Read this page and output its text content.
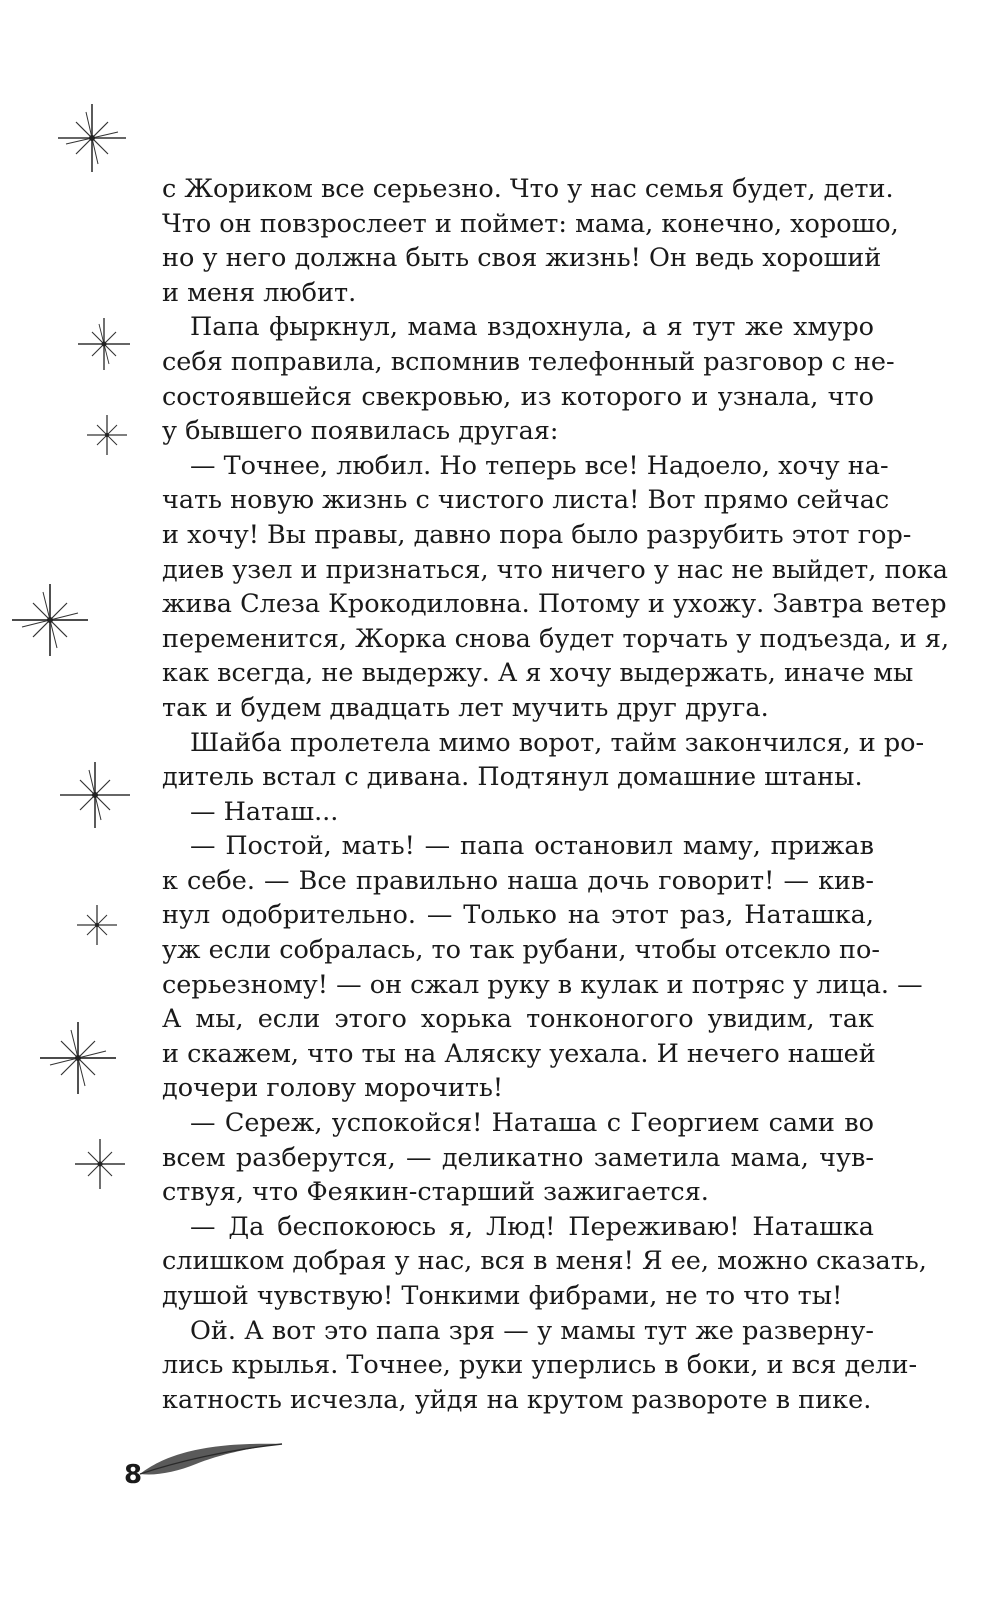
с Жориком все серьезно. Что у нас семья будет, дети.
Что он повзрослеет и поймет: мама, конечно, хорошо,
но у него должна быть своя жизнь! Он ведь хороший
и меня любит.
Папа фыркнул, мама вздохнула, а я тут же хмуро
себя поправила, вспомнив телефонный разговор с не-
состоявшейся свекровью, из которого и узнала, что
у бывшего появилась другая:
— Точнее, любил. Но теперь все! Надоело, хочу на-
чать новую жизнь с чистого листа! Вот прямо сейчас
и хочу! Вы правы, давно пора было разрубить этот гор-
диев узел и признаться, что ничего у нас не выйдет, пока
жива Слеза Крокодиловна. Потому и ухожу. Завтра ветер
переменится, Жорка снова будет торчать у подъезда, и я,
как всегда, не выдержу. А я хочу выдержать, иначе мы
так и будем двадцать лет мучить друг друга.
Шайба пролетела мимо ворот, тайм закончился, и ро-
дитель встал с дивана. Подтянул домашние штаны.
— Наташ...
— Постой, мать! — папа остановил маму, прижав
к себе. — Все правильно наша дочь говорит! — кив-
нул одобрительно. — Только на этот раз, Наташка,
уж если собралась, то так рубани, чтобы отсекло по-
серьезному! — он сжал руку в кулак и потряс у лица. —
А мы, если этого хорька тонконогого увидим, так
и скажем, что ты на Аляску уехала. И нечего нашей
дочери голову морочить!
— Сереж, успокойся! Наташа с Георгием сами во
всем разберутся, — деликатно заметила мама, чув-
ствуя, что Феякин-старший зажигается.
— Да беспокоюсь я, Люд! Переживаю! Наташка
слишком добрая у нас, вся в меня! Я ее, можно сказать,
душой чувствую! Тонкими фибрами, не то что ты!
Ой. А вот это папа зря — у мамы тут же разверну-
лись крылья. Точнее, руки уперлись в боки, и вся дели-
катность исчезла, уйдя на крутом развороте в пике.
8
